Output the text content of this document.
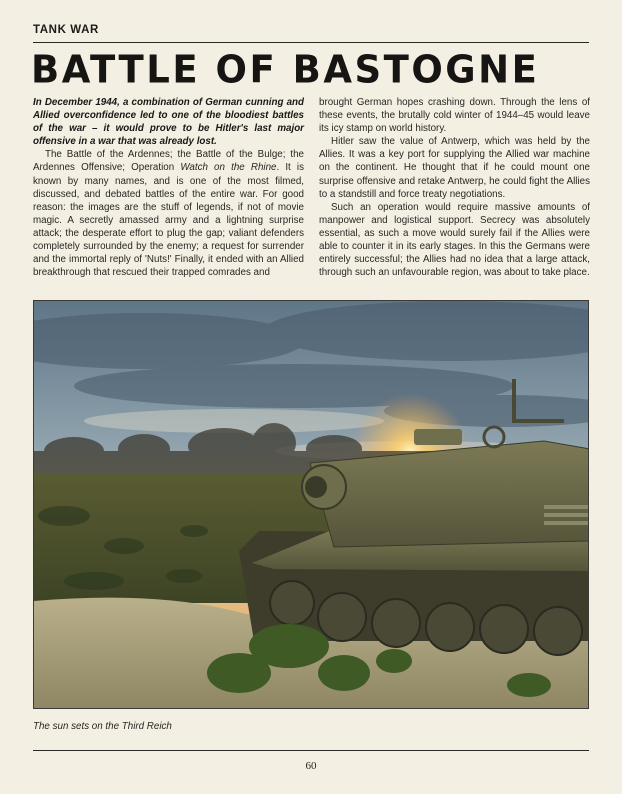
TANK WAR
BATTLE OF BASTOGNE

In December 1944, a combination of German cunning and Allied overconfidence led to one of the bloodiest battles of the war – it would prove to be Hitler's last major offensive in a war that was already lost.

The Battle of the Ardennes; the Battle of the Bulge; the Ardennes Offensive; Operation Watch on the Rhine. It is known by many names, and is one of the most filmed, discussed, and debated battles of the entire war. For good reason: the images are the stuff of legends, if not of movie magic. A secretly amassed army and a lightning surprise attack; the desperate effort to plug the gap; valiant defenders completely surrounded by the enemy; a request for surrender and the immortal reply of 'Nuts!' Finally, it ended with an Allied breakthrough that rescued their trapped comrades and

brought German hopes crashing down. Through the lens of these events, the brutally cold winter of 1944–45 would leave its icy stamp on world history.

Hitler saw the value of Antwerp, which was held by the Allies. It was a key port for supplying the Allied war machine on the continent. He thought that if he could mount one surprise offensive and retake Antwerp, he could fight the Allies to a standstill and force treaty negotiations.

Such an operation would require massive amounts of manpower and logistical support. Secrecy was absolutely essential, as such a move would surely fail if the Allies were able to counter it in its early stages. In this the Germans were entirely successful; the Allies had no idea that a large attack, through such an unfavourable region, was about to take place.

The sun sets on the Third Reich
60
